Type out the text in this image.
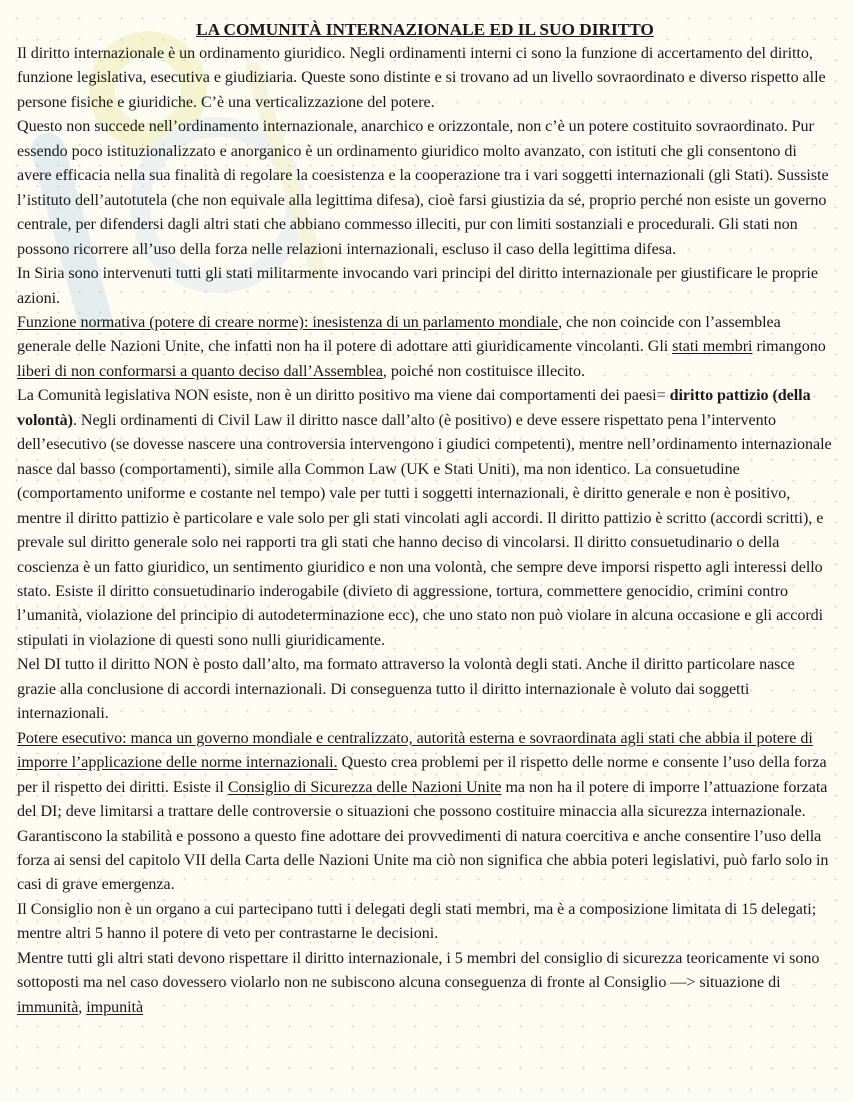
LA COMUNITÀ INTERNAZIONALE ED IL SUO DIRITTO

Il diritto internazionale è un ordinamento giuridico. Negli ordinamenti interni ci sono la funzione di accertamento del diritto, funzione legislativa, esecutiva e giudiziaria. Queste sono distinte e si trovano ad un livello sovraordinato e diverso rispetto alle persone fisiche e giuridiche. C’è una verticalizzazione del potere.

Questo non succede nell’ordinamento internazionale, anarchico e orizzontale, non c’è un potere costituito sovraordinato. Pur essendo poco istituzionalizzato e anorganico è un ordinamento giuridico molto avanzato, con istituti che gli consentono di avere efficacia nella sua finalità di regolare la coesistenza e la cooperazione tra i vari soggetti internazionali (gli Stati). Sussiste l’istituto dell’autotutela (che non equivale alla legittima difesa), cioè farsi giustizia da sé, proprio perché non esiste un governo centrale, per difendersi dagli altri stati che abbiano commesso illeciti, pur con limiti sostanziali e procedurali. Gli stati non possono ricorrere all’uso della forza nelle relazioni internazionali, escluso il caso della legittima difesa.

In Siria sono intervenuti tutti gli stati militarmente invocando vari principi del diritto internazionale per giustificare le proprie azioni.

Funzione normativa (potere di creare norme): inesistenza di un parlamento mondiale, che non coincide con l’assemblea generale delle Nazioni Unite, che infatti non ha il potere di adottare atti giuridicamente vincolanti. Gli stati membri rimangono liberi di non conformarsi a quanto deciso dall’Assemblea, poiché non costituisce illecito.

La Comunità legislativa NON esiste, non è un diritto positivo ma viene dai comportamenti dei paesi= diritto pattizio (della volontà). Negli ordinamenti di Civil Law il diritto nasce dall’alto (è positivo) e deve essere rispettato pena l’intervento dell’esecutivo (se dovesse nascere una controversia intervengono i giudici competenti), mentre nell’ordinamento internazionale nasce dal basso (comportamenti), simile alla Common Law (UK e Stati Uniti), ma non identico. La consuetudine (comportamento uniforme e costante nel tempo) vale per tutti i soggetti internazionali, è diritto generale e non è positivo, mentre il diritto pattizio è particolare e vale solo per gli stati vincolati agli accordi. Il diritto pattizio è scritto (accordi scritti), e prevale sul diritto generale solo nei rapporti tra gli stati che hanno deciso di vincolarsi. Il diritto consuetudinario o della coscienza è un fatto giuridico, un sentimento giuridico e non una volontà, che sempre deve imporsi rispetto agli interessi dello stato. Esiste il diritto consuetudinario inderogabile (divieto di aggressione, tortura, commettere genocidio, crimini contro l’umanità, violazione del principio di autodeterminazione ecc), che uno stato non può violare in alcuna occasione e gli accordi stipulati in violazione di questi sono nulli giuridicamente.

Nel DI tutto il diritto NON è posto dall’alto, ma formato attraverso la volontà degli stati. Anche il diritto particolare nasce grazie alla conclusione di accordi internazionali. Di conseguenza tutto il diritto internazionale è voluto dai soggetti internazionali.

Potere esecutivo: manca un governo mondiale e centralizzato, autorità esterna e sovraordinata agli stati che abbia il potere di imporre l’applicazione delle norme internazionali. Questo crea problemi per il rispetto delle norme e consente l’uso della forza per il rispetto dei diritti. Esiste il Consiglio di Sicurezza delle Nazioni Unite ma non ha il potere di imporre l’attuazione forzata del DI; deve limitarsi a trattare delle controversie o situazioni che possono costituire minaccia alla sicurezza internazionale. Garantiscono la stabilità e possono a questo fine adottare dei provvedimenti di natura coercitiva e anche consentire l’uso della forza ai sensi del capitolo VII della Carta delle Nazioni Unite ma ciò non significa che abbia poteri legislativi, può farlo solo in casi di grave emergenza.

Il Consiglio non è un organo a cui partecipano tutti i delegati degli stati membri, ma è a composizione limitata di 15 delegati; mentre altri 5 hanno il potere di veto per contrastarne le decisioni.

Mentre tutti gli altri stati devono rispettare il diritto internazionale, i 5 membri del consiglio di sicurezza teoricamente vi sono sottoposti ma nel caso dovessero violarlo non ne subiscono alcuna conseguenza di fronte al Consiglio —> situazione di immunità, impunità
